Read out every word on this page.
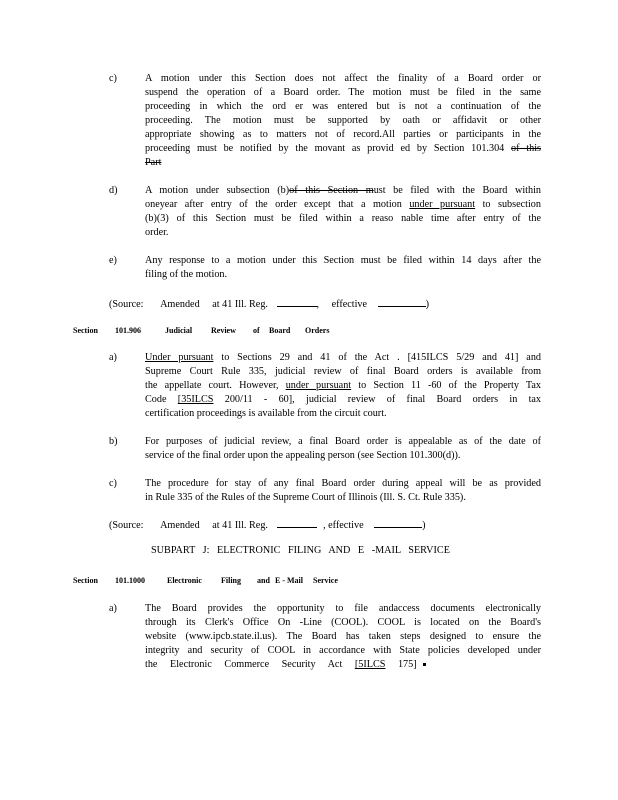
c)	A motion under this Section does not affect the finality of a Board order or
suspend the operation of a Board order. The motion must be filed in the same
proceeding in which the ord er was entered but is not a continuation of the
proceeding. The motion must be supported by oath or affidavit or other
appropriate showing as to matters not of record.All parties or participants in the
proceeding must be notified by the movant as provid ed by Section 101.304 of this
Part
d)	A motion under subsection (b)of this Section must be filed with the Board within
oneyear after entry of the order except that a motion under pursuant to subsection
(b)(3) of this Section must be filed within a reaso nable time after entry of the
order.
e)	Any response to a motion under this Section must be filed within 14 days after the
filing of the motion.
(Source: Amended at 41 Ill. Reg.	, effective	)
Section 101.906	Judicial Review of Board Orders
a)	Under pursuant to Sections 29 and 41 of the Act . [415ILCS 5/29 and 41] and
Supreme Court Rule 335, judicial review of final Board orders is available from
the appellate court. However, under pursuant to Section 11 -60 of the Property Tax
Code [35ILCS 200/11 - 60], judicial review of final Board orders in tax
certification proceedings is available from the circuit court.
b)	For purposes of judicial review, a final Board order is appealable as of the date of
service of the final order upon the appealing person (see Section 101.300(d)).
c)	The procedure for stay of any final Board order during appeal will be as provided
in Rule 335 of the Rules of the Supreme Court of Illinois (Ill. S. Ct. Rule 335).
(Source: Amended at 41 Ill. Reg.	, effective	)
SUBPART J: ELECTRONIC FILING AND E -MAIL SERVICE
Section 101.1000	Electronic Filing and E - Mail Service
a)	The Board provides the opportunity to file andaccess documents electronically
through its Clerk's Office On -Line (COOL). COOL is located on the Board's
website (www.ipcb.state.il.us). The Board has taken steps designed to ensure the
integrity and security of COOL in accordance with State policies developed under
the Electronic Commerce Security Act [5ILCS 175]
